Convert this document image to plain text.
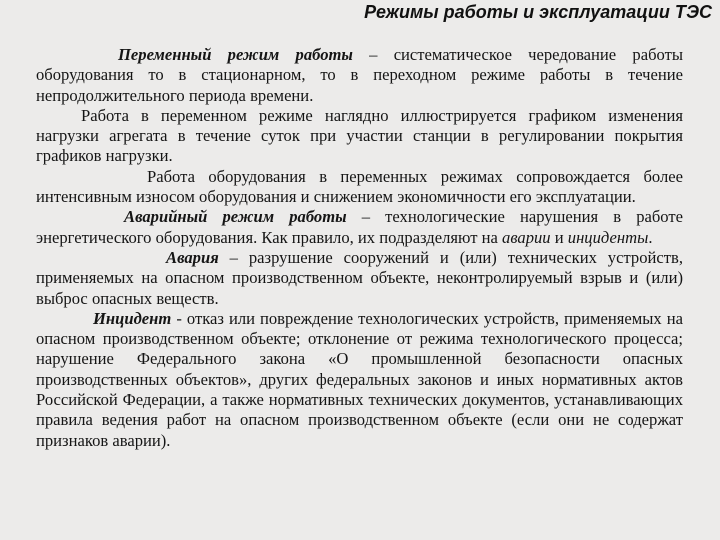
Режимы работы и эксплуатации ТЭС

Переменный режим работы – систематическое чередование работы оборудования то в стационарном, то в переходном режиме работы в течение непродолжительного периода времени.

Работа в переменном режиме наглядно иллюстрируется графиком изменения нагрузки агрегата в течение суток при участии станции в регулировании покрытия графиков нагрузки.

Работа оборудования в переменных режимах сопровождается более интенсивным износом оборудования и снижением экономичности его эксплуатации.

Аварийный режим работы – технологические нарушения в работе энергетического оборудования. Как правило, их подразделяют на аварии и инциденты.

Авария – разрушение сооружений и (или) технических устройств, применяемых на опасном производственном объекте, неконтролируемый взрыв и (или) выброс опасных веществ.

Инцидент - отказ или повреждение технологических устройств, применяемых на опасном производственном объекте; отклонение от режима технологического процесса; нарушение Федерального закона «О промышленной безопасности опасных производственных объектов», других федеральных законов и иных нормативных актов Российской Федерации, а также нормативных технических документов, устанавливающих правила ведения работ на опасном производственном объекте (если они не содержат признаков аварии).
